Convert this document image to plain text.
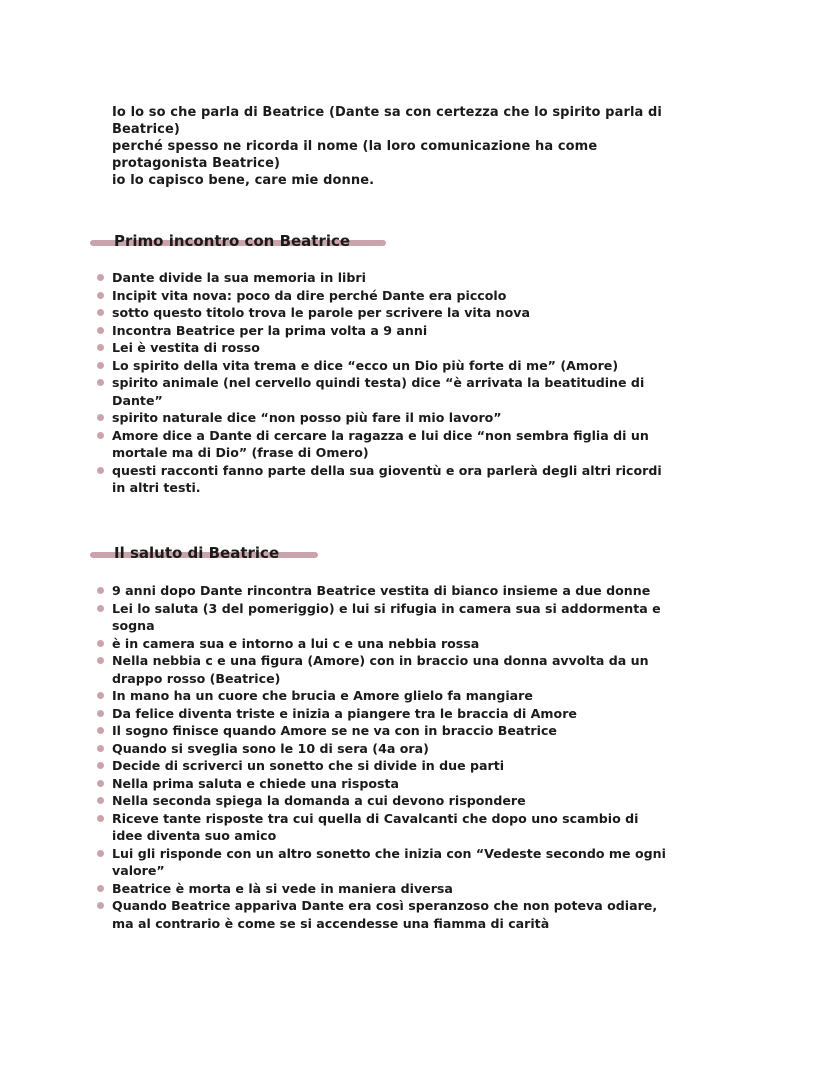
Io lo so che parla di Beatrice (Dante sa con certezza che lo spirito parla di Beatrice)

perché spesso ne ricorda il nome (la loro comunicazione ha come protagonista Beatrice)

io lo capisco bene, care mie donne.

Primo incontro con Beatrice
Dante divide la sua memoria in libri
Incipit vita nova: poco da dire perché Dante era piccolo
sotto questo titolo trova le parole per scrivere la vita nova
Incontra Beatrice per la prima volta a 9 anni
Lei è vestita di rosso
Lo spirito della vita trema e dice “ecco un Dio più forte di me” (Amore)
spirito animale (nel cervello quindi testa) dice “è arrivata la beatitudine di Dante”
spirito naturale dice “non posso più fare il mio lavoro”
Amore dice a Dante di cercare la ragazza e lui dice “non sembra figlia di un mortale ma di Dio” (frase di Omero)
questi racconti fanno parte della sua gioventù e ora parlerà degli altri ricordi in altri testi.
Il saluto di Beatrice
9 anni dopo Dante rincontra Beatrice vestita di bianco insieme a due donne
Lei lo saluta (3 del pomeriggio) e lui si rifugia in camera sua si addormenta e sogna
è in camera sua e intorno a lui c e una nebbia rossa
Nella nebbia c e una figura (Amore) con in braccio una donna avvolta da un drappo rosso (Beatrice)
In mano ha un cuore che brucia e Amore glielo fa mangiare
Da felice diventa triste e inizia a piangere tra le braccia di Amore
Il sogno finisce quando Amore se ne va con in braccio Beatrice
Quando si sveglia sono le 10 di sera (4a ora)
Decide di scriverci un sonetto che si divide in due parti
Nella prima saluta e chiede una risposta
Nella seconda spiega la domanda a cui devono rispondere
Riceve tante risposte tra cui quella di Cavalcanti che dopo uno scambio di idee diventa suo amico
Lui gli risponde con un altro sonetto che inizia con “Vedeste secondo me ogni valore”
Beatrice è morta e là si vede in maniera diversa
Quando Beatrice appariva Dante era così speranzoso che non poteva odiare, ma al contrario è come se si accendesse una fiamma di carità
